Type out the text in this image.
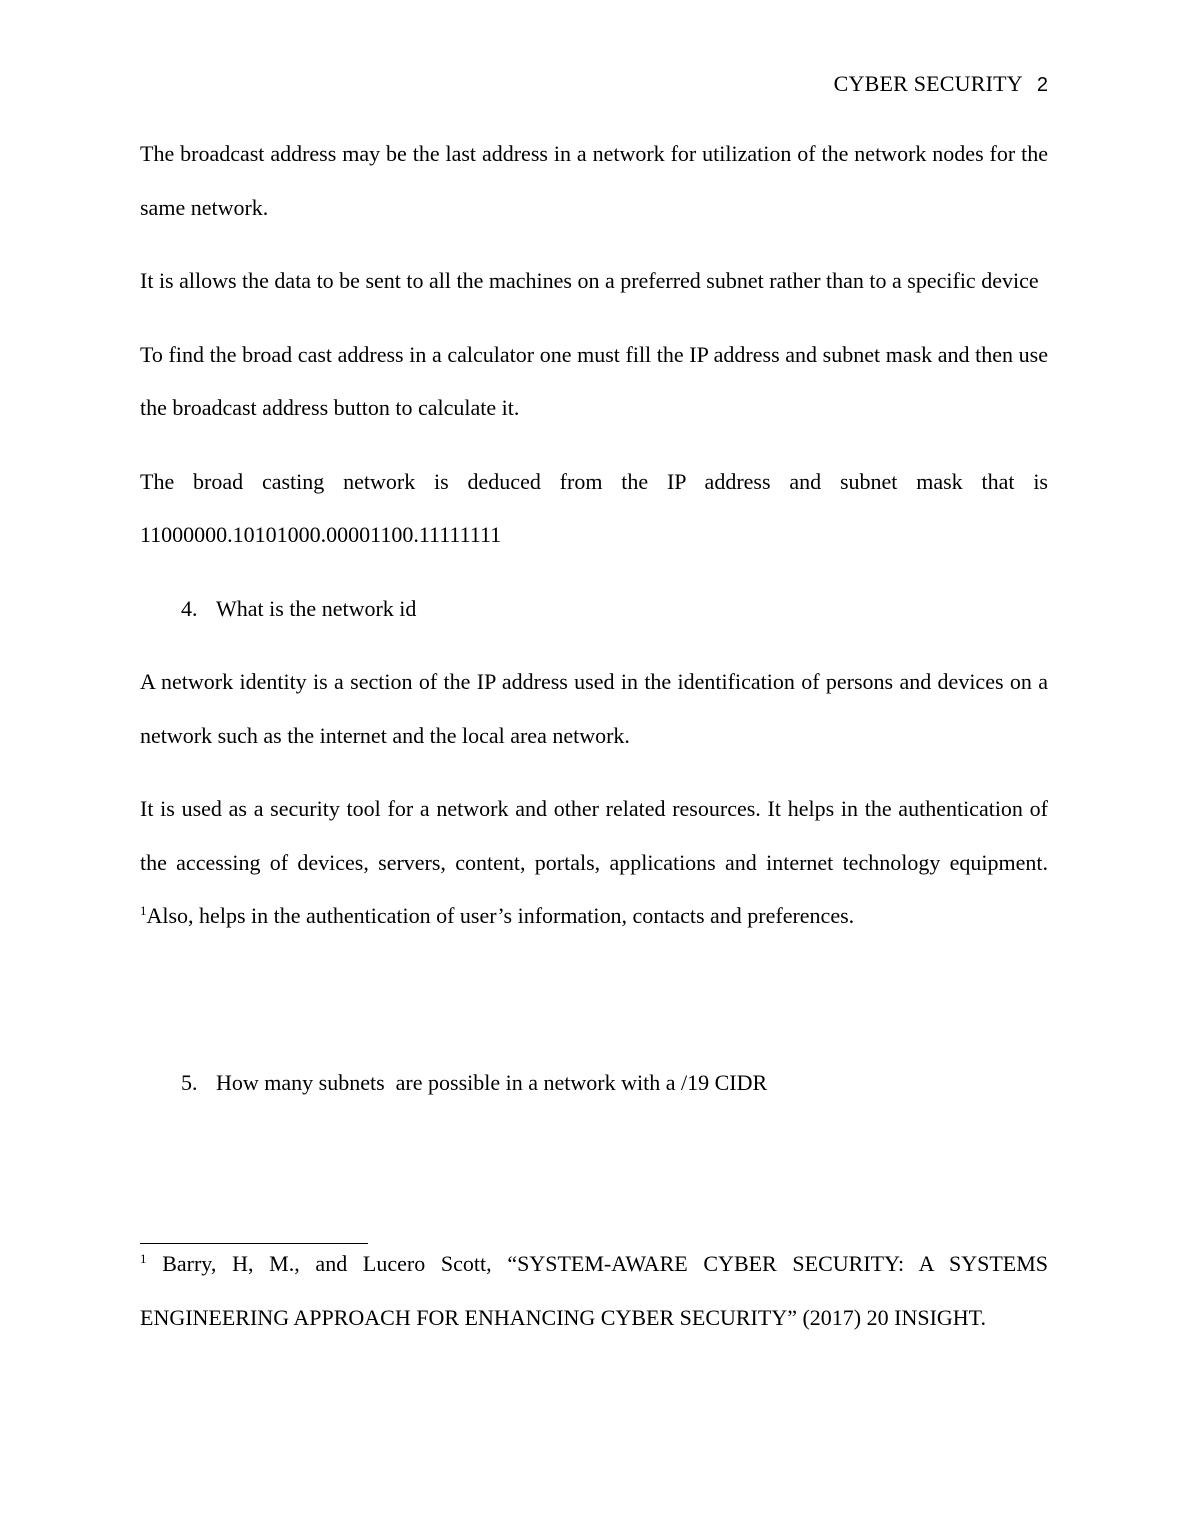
CYBER SECURITY 2

The broadcast address may be the last address in a network for utilization of the network nodes for the same network.

It is allows the data to be sent to all the machines on a preferred subnet rather than to a specific device

To find the broad cast address in a calculator one must fill the IP address and subnet mask and then use the broadcast address button to calculate it.

The broad casting network is deduced from the IP address and subnet mask that is 11000000.10101000.00001100.11111111

4. What is the network id

A network identity is a section of the IP address used in the identification of persons and devices on a network such as the internet and the local area network.

It is used as a security tool for a network and other related resources. It helps in the authentication of the accessing of devices, servers, content, portals, applications and internet technology equipment. $^1$Also, helps in the authentication of user’s information, contacts and preferences.

5. How many subnets  are possible in a network with a /19 CIDR

$^1$ Barry, H, M., and Lucero Scott, “SYSTEM-AWARE CYBER SECURITY: A SYSTEMS ENGINEERING APPROACH FOR ENHANCING CYBER SECURITY” (2017) 20 INSIGHT.
